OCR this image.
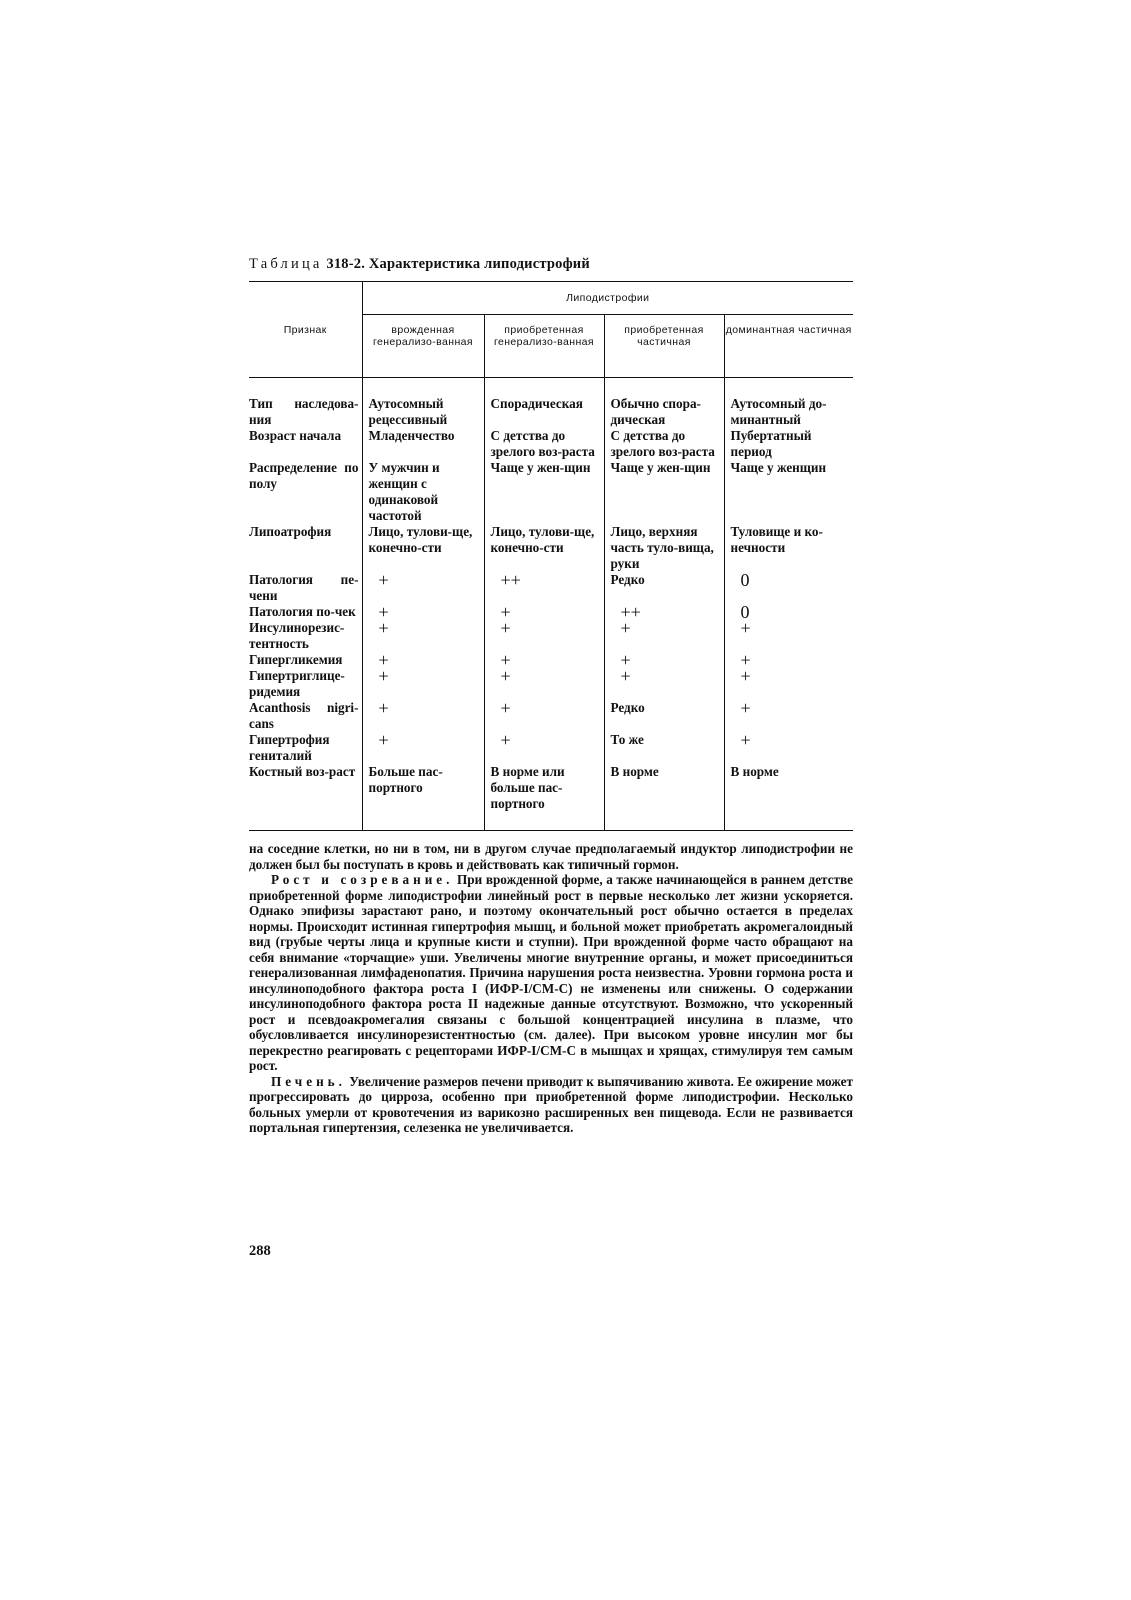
Таблица 318-2. Характеристика липодистрофий
Признак	Липодистрофии			
	врожденная генерализо-ванная	приобретенная генерализо-ванная	приобретенная частичная	доминантная частичная
Тип наследова-ния	Аутосомный рецессивный	Спорадическая	Обычно спора-дическая	Аутосомный до-минантный
Возраст начала	Младенчество	С детства до зрелого воз-раста	С детства до зрелого воз-раста	Пубертатный период
Распределение по полу	У мужчин и женщин с одинаковой частотой	Чаще у жен-щин	Чаще у жен-щин	Чаще у женщин
Липоатрофия	Лицо, тулови-ще, конечно-сти	Лицо, тулови-ще, конечно-сти	Лицо, верхняя часть туло-вища, руки	Туловище и ко-нечности
Патология пе-чени	+	++	Редко	0
Патология по-чек	+	+	++	0
Инсулинорезис-тентность	+	+	+	+
Гипергликемия	+	+	+	+
Гипертриглице-ридемия	+	+	+	+
Acanthosis nigri-cans	+	+	Редко	+
Гипертрофия гениталий	+	+	То же	+
Костный воз-раст	Больше пас-портного	В норме или больше пас-портного	В норме	В норме

на соседние клетки, но ни в том, ни в другом случае предполагаемый индуктор липодистрофии не должен был бы поступать в кровь и действовать как типичный гормон.

Рост и созревание. При врожденной форме, а также начинающейся в раннем детстве приобретенной форме липодистрофии линейный рост в первые несколько лет жизни ускоряется. Однако эпифизы зарастают рано, и поэтому окончательный рост обычно остается в пределах нормы. Происходит истинная гипертрофия мышц, и больной может приобретать акромегалоидный вид (грубые черты лица и крупные кисти и ступни). При врожденной форме часто обращают на себя внимание «торчащие» уши. Увеличены многие внутренние органы, и может присоединиться генерализованная лимфаденопатия. Причина нарушения роста неизвестна. Уровни гормона роста и инсулиноподобного фактора роста I (ИФР-I/СМ-С) не изменены или снижены. О содержании инсулиноподобного фактора роста II надежные данные отсутствуют. Возможно, что ускоренный рост и псевдоакромегалия связаны с большой концентрацией инсулина в плазме, что обусловливается инсулинорезистентностью (см. далее). При высоком уровне инсулин мог бы перекрестно реагировать с рецепторами ИФР-I/СМ-С в мышцах и хрящах, стимулируя тем самым рост.

Печень. Увеличение размеров печени приводит к выпячиванию живота. Ее ожирение может прогрессировать до цирроза, особенно при приобретенной форме липодистрофии. Несколько больных умерли от кровотечения из варикозно расширенных вен пищевода. Если не развивается портальная гипертензия, селезенка не увеличивается.

288
